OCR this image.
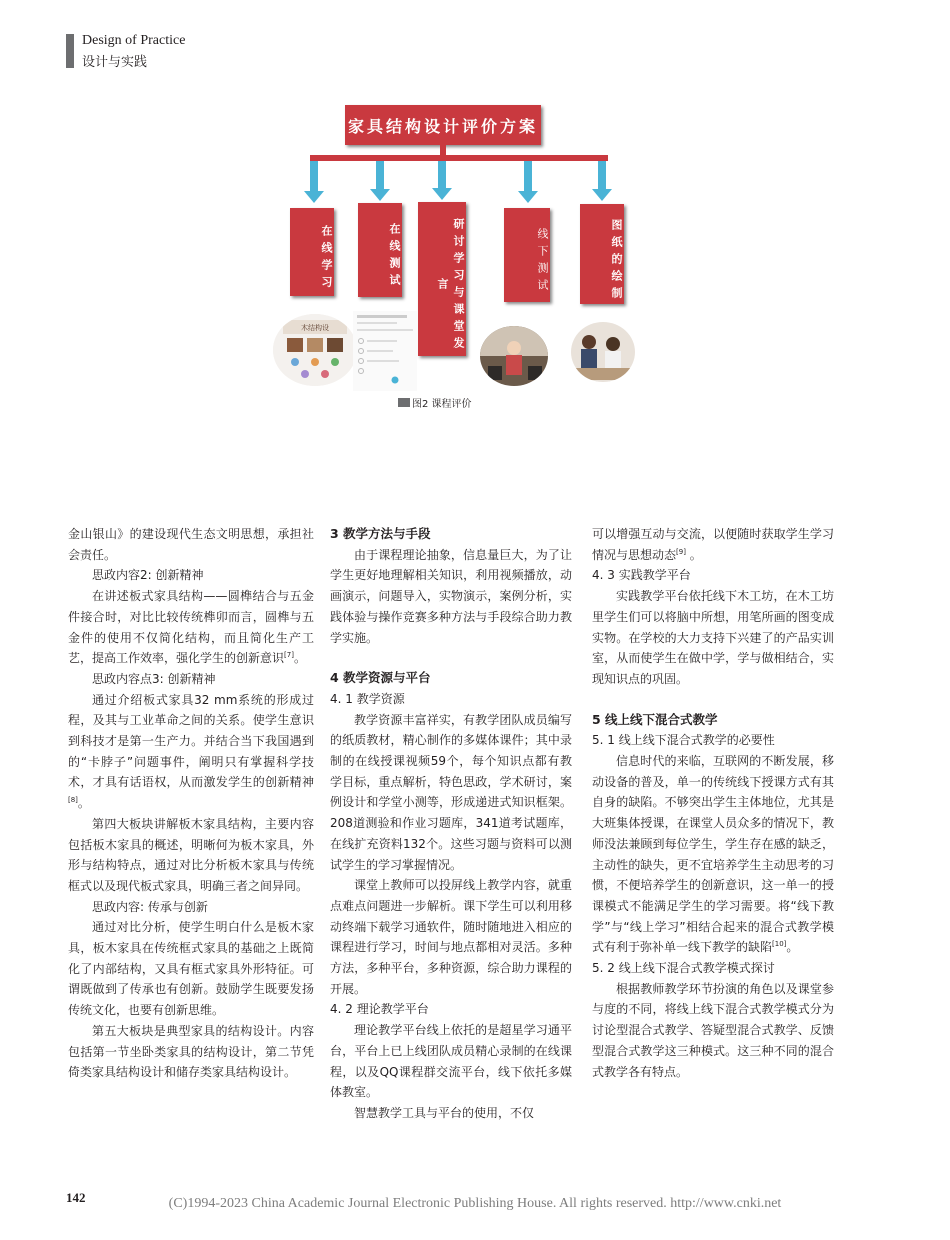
Design of Practice
设计与实践
家具结构设计评价方案
在线学习	在线测试	研讨学习与课堂发言	线下测试	图纸的绘制
木结构设
图2 课程评价

金山银山》的建设现代生态文明思想，承担社会责任。

思政内容2: 创新精神

在讲述板式家具结构——圆榫结合与五金件接合时，对比比较传统榫卯而言，圆榫与五金件的使用不仅简化结构，而且简化生产工艺，提高工作效率，强化学生的创新意识[7]。

思政内容点3: 创新精神

通过介绍板式家具32 mm系统的形成过程，及其与工业革命之间的关系。使学生意识 到科技才是第一生产力。并结合当下我国遇到的“卡脖子”问题事件，阐明只有掌握科学技术，才具有话语权，从而激发学生的创新精神[8]。

第四大板块讲解板木家具结构，主要内容包括板木家具的概述，明晰何为板木家具，外形与结构特点，通过对比分析板木家具与传统框式以及现代板式家具，明确三者之间异同。

思政内容: 传承与创新

通过对比分析，使学生明白什么是板木家具，板木家具在传统框式家具的基础之上既简化了内部结构，又具有框式家具外形特征。可谓既做到了传承也有创新。鼓励学生既要发扬传统文化，也要有创新思维。

第五大板块是典型家具的结构设计。内容包括第一节坐卧类家具的结构设计，第二节凭倚类家具结构设计和储存类家具结构设计。

3 教学方法与手段

由于课程理论抽象，信息量巨大，为了让学生更好地理解相关知识，利用视频播放，动画演示，问题导入，实物演示，案例分析，实践体验与操作竞赛多种方法与手段综合助力教学实施。

4 教学资源与平台

4. 1 教学资源

教学资源丰富祥实，有教学团队成员编写的纸质教材，精心制作的多媒体课件；其中录制的在线授课视频59个，每个知识点都有教学目标，重点解析，特色思政，学术研讨，案例设计和学堂小测等，形成递进式知识框架。208道测验和作业习题库，341道考试题库，在线扩充资料132个。这些习题与资料可以测试学生的学习掌握情况。

课堂上教师可以投屏线上教学内容，就重点难点问题进一步解析。课下学生可以利用移动终端下载学习通软件，随时随地进入相应的课程进行学习，时间与地点都相对灵活。多种方法，多种平台，多种资源，综合助力课程的开展。

4. 2 理论教学平台

理论教学平台线上依托的是超星学习通平台，平台上已上线团队成员精心录制的在线课程，以及QQ课程群交流平台，线下依托多媒体教室。

智慧教学工具与平台的使用，不仅

可以增强互动与交流，以便随时获取学生学习情况与思想动态[9] 。

4. 3 实践教学平台

实践教学平台依托线下木工坊，在木工坊里学生们可以将脑中所想，用笔所画的图变成实物。在学校的大力支持下兴建了的产品实训室，从而使学生在做中学，学与做相结合，实现知识点的巩固。

5 线上线下混合式教学

5. 1 线上线下混合式教学的必要性

信息时代的来临，互联网的不断发展，移动设备的普及，单一的传统线下授课方式有其自身的缺陷。不够突出学生主体地位，尤其是大班集体授课，在课堂人员众多的情况下，教师没法兼顾到每位学生，学生存在感的缺乏，主动性的缺失，更不宜培养学生主动思考的习惯，不便培养学生的创新意识，这一单一的授课模式不能满足学生的学习需要。将“线下教学”与“线上学习”相结合起来的混合式教学模式有利于弥补单一线下教学的缺陷[10]。

5. 2 线上线下混合式教学模式探讨

根据教师教学环节扮演的角色以及课堂参与度的不同，将线上线下混合式教学模式分为讨论型混合式教学、答疑型混合式教学、反馈型混合式教学这三种模式。这三种不同的混合式教学各有特点。

142	(C)1994-2023 China Academic Journal Electronic Publishing House. All rights reserved. http://www.cnki.net
